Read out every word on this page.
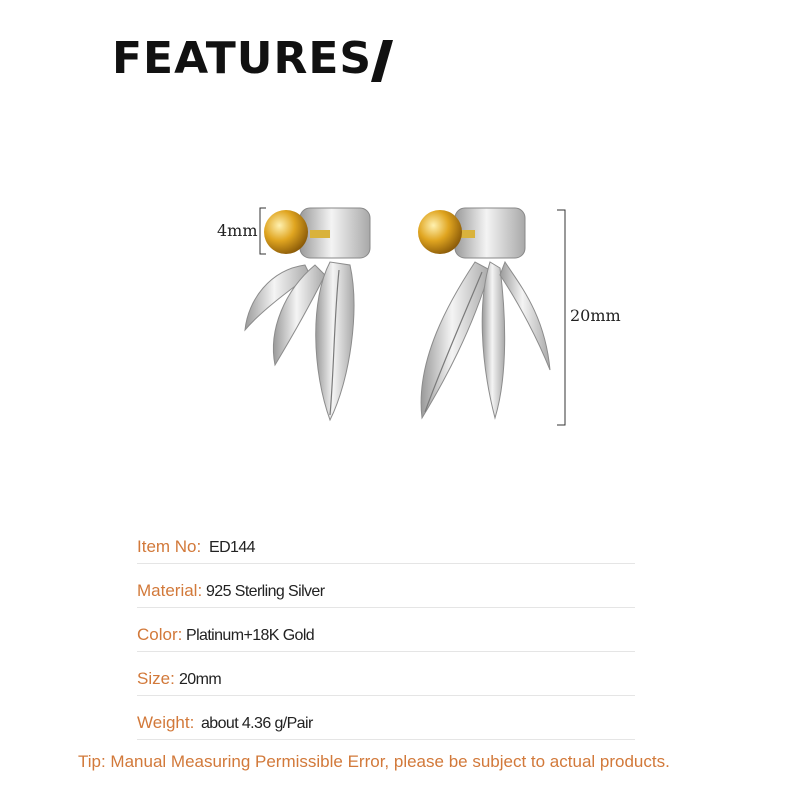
FEATURES
4mm
20mm
Item No: ED144
Material: 925 Sterling Silver
Color: Platinum+18K Gold
Size: 20mm
Weight: about 4.36 g/Pair
Tip: Manual Measuring Permissible Error, please be subject to actual products.
